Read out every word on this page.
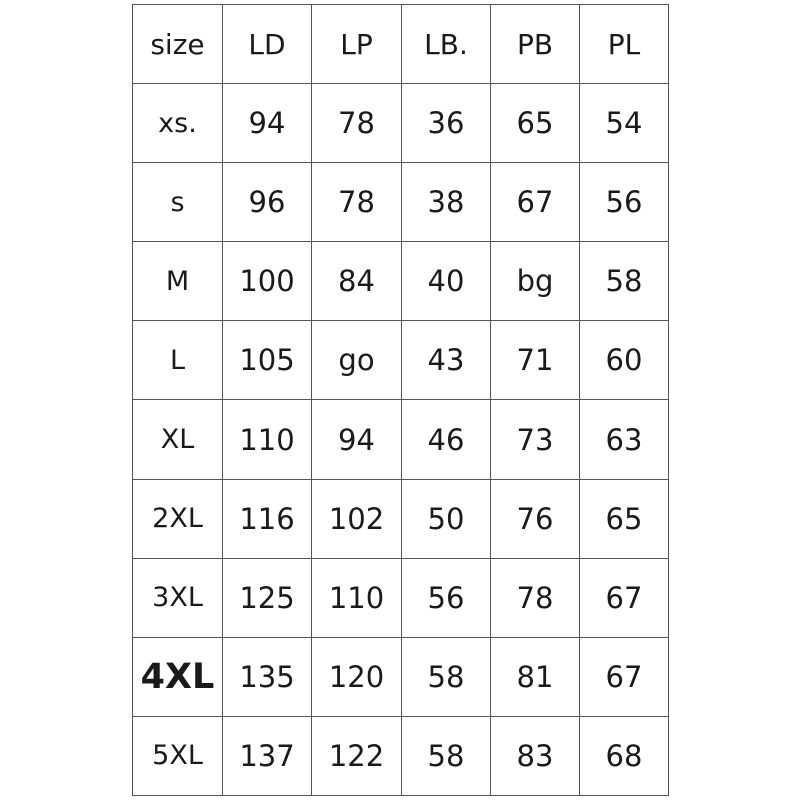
size	LD	LP	LB.	PB	PL
xs.	94	78	36	65	54
s	96	78	38	67	56
M	100	84	40	bg	58
L	105	go	43	71	60
XL	110	94	46	73	63
2XL	116	102	50	76	65
3XL	125	110	56	78	67
4XL	135	120	58	81	67
5XL	137	122	58	83	68
